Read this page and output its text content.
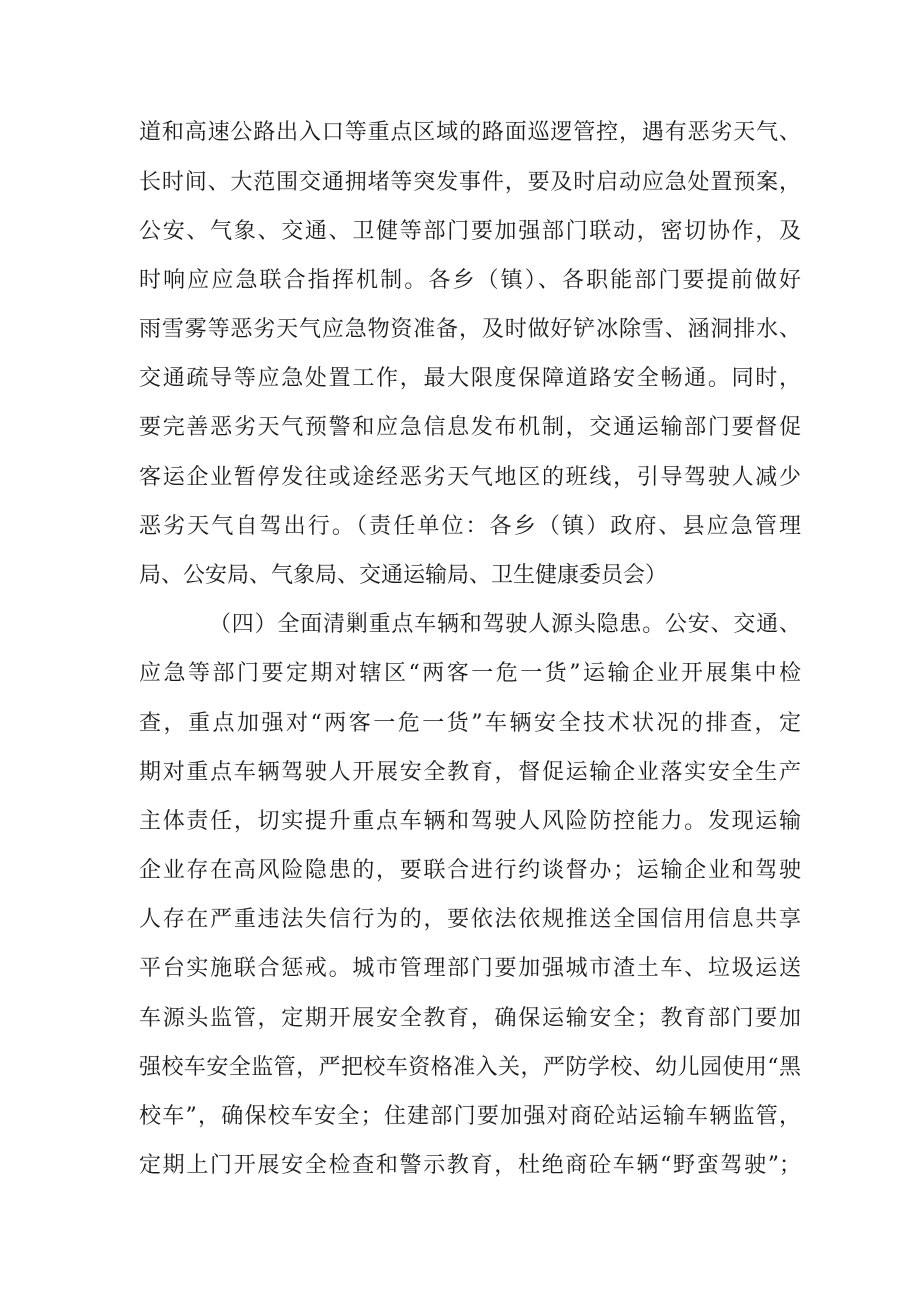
道和高速公路出入口等重点区域的路面巡逻管控，遇有恶劣天气、
长时间、大范围交通拥堵等突发事件，要及时启动应急处置预案，
公安、气象、交通、卫健等部门要加强部门联动，密切协作，及
时响应应急联合指挥机制。各乡（镇）、各职能部门要提前做好
雨雪雾等恶劣天气应急物资准备，及时做好铲冰除雪、涵洞排水、
交通疏导等应急处置工作，最大限度保障道路安全畅通。同时，
要完善恶劣天气预警和应急信息发布机制，交通运输部门要督促
客运企业暂停发往或途经恶劣天气地区的班线，引导驾驶人减少
恶劣天气自驾出行。（责任单位：各乡（镇）政府、县应急管理
局、公安局、气象局、交通运输局、卫生健康委员会）
（四）全面清剿重点车辆和驾驶人源头隐患。公安、交通、
应急等部门要定期对辖区“两客一危一货”运输企业开展集中检
查，重点加强对“两客一危一货”车辆安全技术状况的排查，定
期对重点车辆驾驶人开展安全教育，督促运输企业落实安全生产
主体责任，切实提升重点车辆和驾驶人风险防控能力。发现运输
企业存在高风险隐患的，要联合进行约谈督办；运输企业和驾驶
人存在严重违法失信行为的，要依法依规推送全国信用信息共享
平台实施联合惩戒。城市管理部门要加强城市渣土车、垃圾运送
车源头监管，定期开展安全教育，确保运输安全；教育部门要加
强校车安全监管，严把校车资格准入关，严防学校、幼儿园使用“黑
校车”，确保校车安全；住建部门要加强对商砼站运输车辆监管，
定期上门开展安全检查和警示教育，杜绝商砼车辆“野蛮驾驶”；
